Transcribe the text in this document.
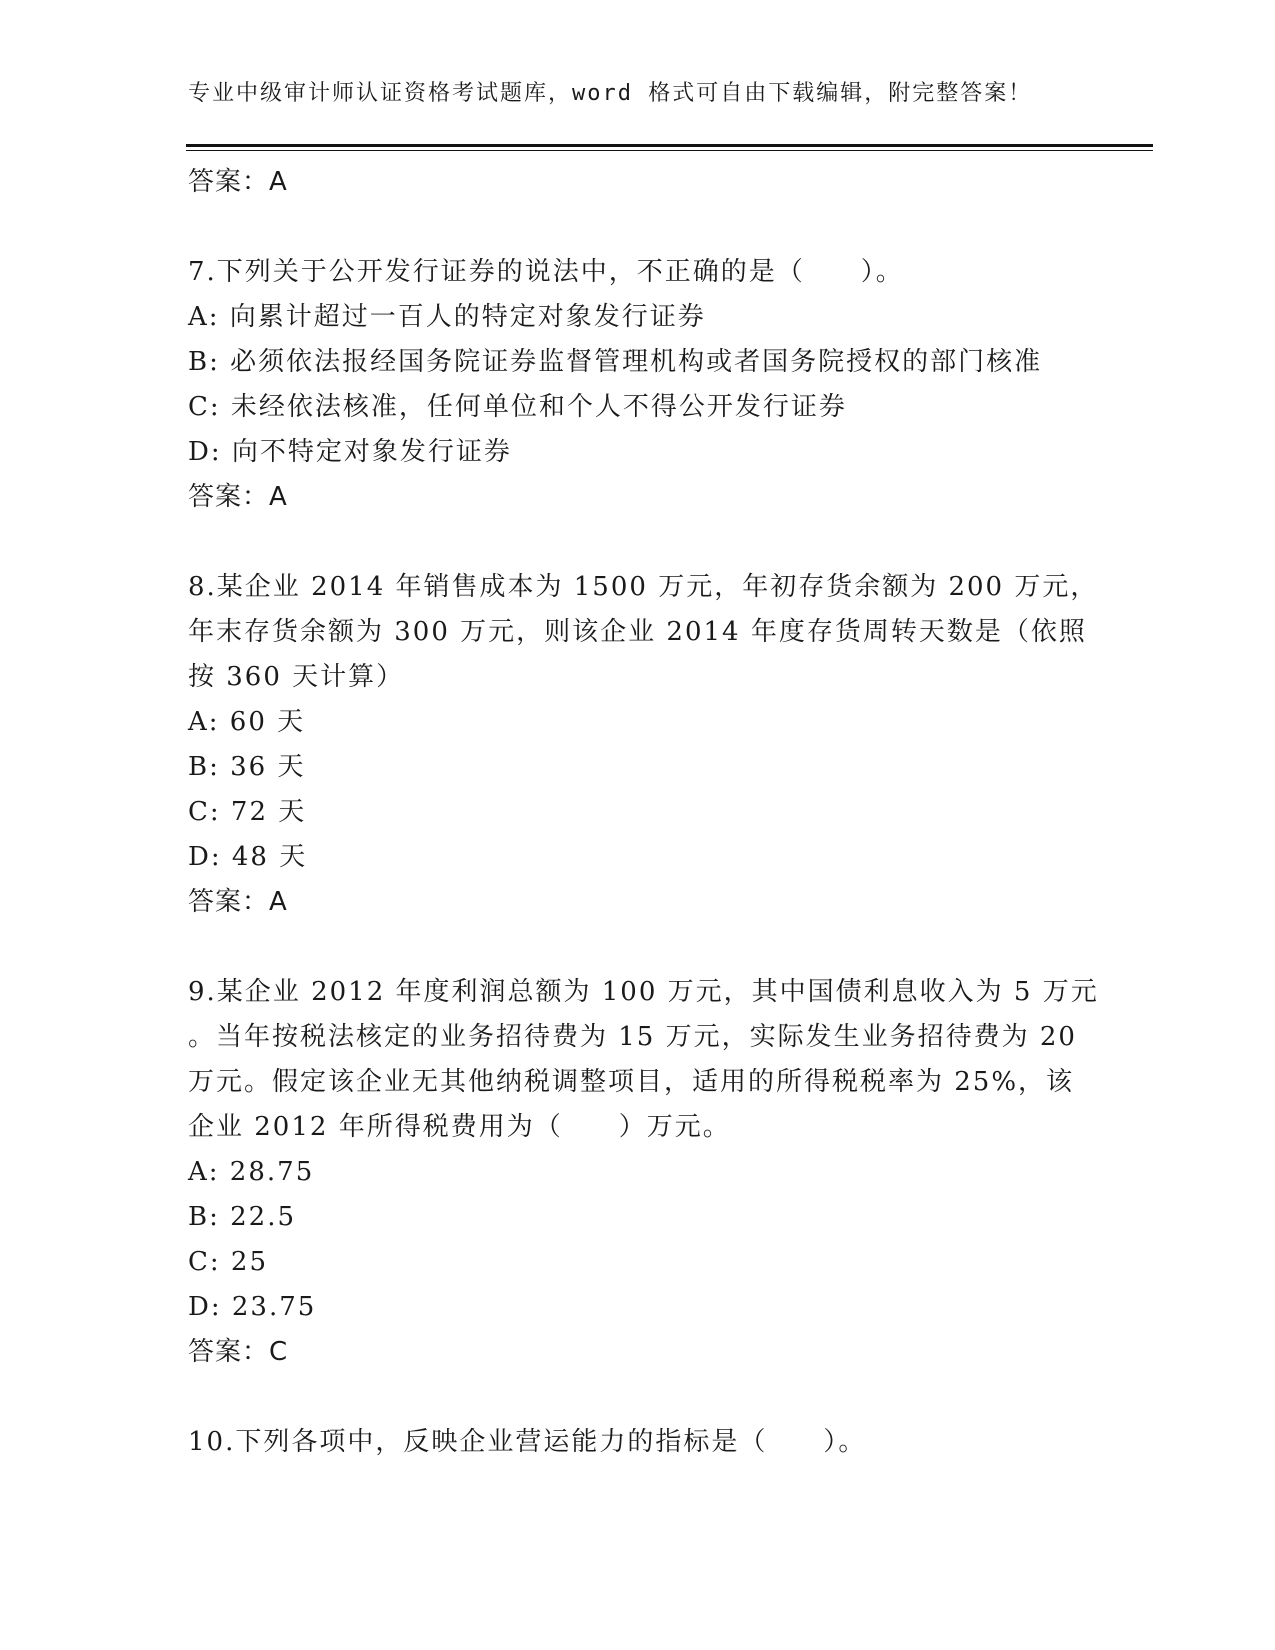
专业中级审计师认证资格考试题库，word 格式可自由下载编辑，附完整答案！
答案：A
7.下列关于公开发行证券的说法中，不正确的是（　　）。
A: 向累计超过一百人的特定对象发行证券
B: 必须依法报经国务院证券监督管理机构或者国务院授权的部门核准
C: 未经依法核准，任何单位和个人不得公开发行证券
D: 向不特定对象发行证券
答案：A
8.某企业 2014 年销售成本为 1500 万元，年初存货余额为 200 万元，
年末存货余额为 300 万元，则该企业 2014 年度存货周转天数是（依照
按 360 天计算）
A: 60 天
B: 36 天
C: 72 天
D: 48 天
答案：A
9.某企业 2012 年度利润总额为 100 万元，其中国债利息收入为 5 万元
。当年按税法核定的业务招待费为 15 万元，实际发生业务招待费为 20
万元。假定该企业无其他纳税调整项目，适用的所得税税率为 25%，该
企业 2012 年所得税费用为（　　）万元。
A: 28.75
B: 22.5
C: 25
D: 23.75
答案：C
10.下列各项中，反映企业营运能力的指标是（　　）。
